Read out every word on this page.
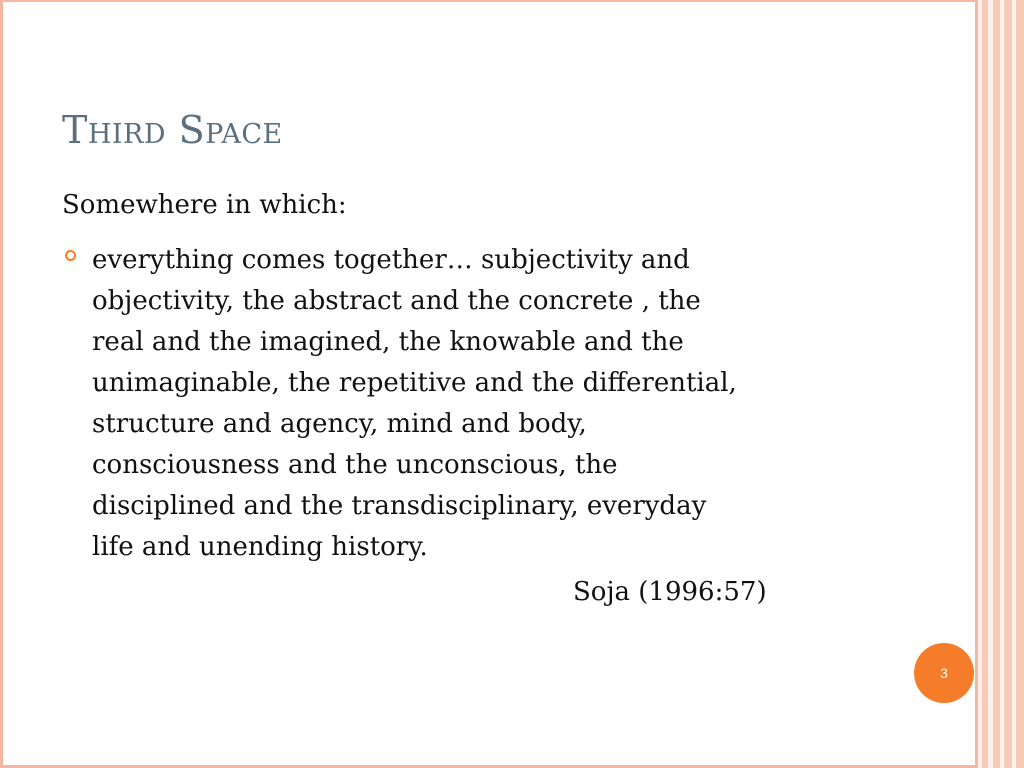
Third Space
Somewhere in which:
everything comes together… subjectivity and
objectivity, the abstract and the concrete , the
real and the imagined, the knowable and the
unimaginable, the repetitive and the differential,
structure and agency, mind and body,
consciousness and the unconscious, the
disciplined and the transdisciplinary, everyday
life and unending history.
Soja (1996:57)
3
